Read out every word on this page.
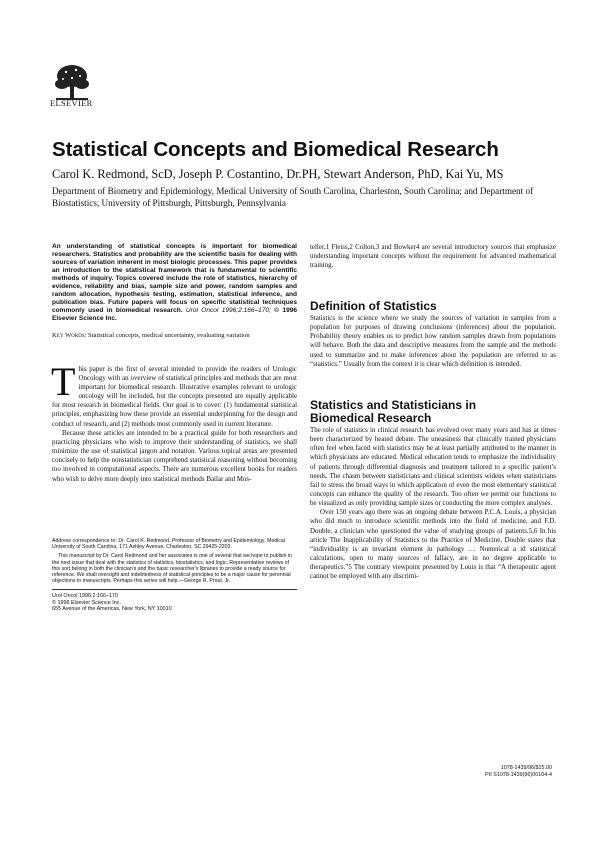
ELSEVIER
Statistical Concepts and Biomedical Research
Carol K. Redmond, ScD, Joseph P. Costantino, Dr.PH, Stewart Anderson, PhD, Kai Yu, MS
Department of Biometry and Epidemiology, Medical University of South Carolina, Charleston, South Carolina; and Department of Biostatistics, University of Pittsburgh, Pittsburgh, Pennsylvania
An understanding of statistical concepts is important for biomedical researchers. Statistics and probability are the scientific basis for dealing with sources of variation inherent in most biologic processes. This paper provides an introduction to the statistical framework that is fundamental to scientific methods of inquiry. Topics covered include the role of statistics, hierarchy of evidence, reliability and bias, sample size and power, random samples and random allocation, hypothesis testing, estimation, statistical inference, and publication bias. Future papers will focus on specific statistical techniques commonly used in biomedical research. Urol Oncol 1996;2:166–170; © 1996 Elsevier Science Inc.
Key Words: Statistical concepts, medical uncertainty, evaluating variation

This paper is the first of several intended to provide the readers of Urologic Oncology with an overview of statistical principles and methods that are most important for biomedical research. Illustrative examples relevant to urologic oncology will be included, but the concepts presented are equally applicable for most research in biomedical fields. Our goal is to cover: (1) fundamental statistical principles, emphasizing how these provide an essential underpinning for the design and conduct of research, and (2) methods most commonly used in current literature.

Because these articles are intended to be a practical guide for both researchers and practicing physicians who wish to improve their understanding of statistics, we shall minimize the use of statistical jargon and notation. Various topical areas are presented concisely to help the nonstatistician comprehend statistical reasoning without becoming too involved in computational aspects. There are numerous excellent books for readers who wish to delve more deeply into statistical methods Bailar and Mos-

Address correspondence to: Dr. Carol K. Redmond, Professor of Biometry and Epidemiology, Medical University of South Carolina, 171 Ashley Avenue, Charleston, SC 29425-2203.

This manuscript by Dr. Carol Redmond and her associates is one of several that we hope to publish in the next issue that deal with the statistics of statistics, biostatistics, and logic. Representative reviews of this sort belong in both the clinician's and the basic researcher's libraries to provide a ready source for reference. We shall oversight and indebtedness of statistical principles to be a major cause for perennial objections to manuscripts. Perhaps this series will help.—George R. Prout, Jr.

Urol Oncol 1996;2:166–170
© 1996 Elsevier Science Inc.
655 Avenue of the Americas, New York, NY 10010

teller,1 Fleiss,2 Colton,3 and Bowker4 are several introductory sources that emphasize understanding important concepts without the requirement for advanced mathematical training.

Definition of Statistics

Statistics is the science where we study the sources of variation in samples from a population for purposes of drawing conclusions (inferences) about the population. Probability theory enables us to predict how random samples drawn from populations will behave. Both the data and descriptive measures from the sample and the methods used to summarize and to make inferences about the population are referred to as “statistics.” Usually from the context it is clear which definition is intended.

Statistics and Statisticians in Biomedical Research

The role of statistics in clinical research has evolved over many years and has at times been characterized by heated debate. The uneasiness that clinically trained physicians often feel when faced with statistics may be at least partially attributed to the manner in which physicians are educated. Medical education tends to emphasize the individuality of patients through differential diagnosis and treatment tailored to a specific patient’s needs. The chasm between statisticians and clinical scientists widens when statisticians fail to stress the broad ways in which application of even the most elementary statistical concepts can enhance the quality of the research. Too often we permit our functions to be visualized as only providing sample sizes or conducting the more complex analyses.

Over 150 years ago there was an ongoing debate between P.C.A. Louis, a physician who did much to introduce scientific methods into the field of medicine, and F.D. Double, a clinician who questioned the value of studying groups of patients.5,6 In his article The Inapplicability of Statistics to the Practice of Medicine, Double states that “individuality is an invariant element in pathology … Numerical a id statistical calculations, open to many sources of fallacy, are in no degree applicable to therapeutics.”5 The contrary viewpoint presented by Louis is that “A therapeutic agent cannot be employed with any discrimi-

1078-1439/96/$15.00
PII S1078-1439(96)00104-4
